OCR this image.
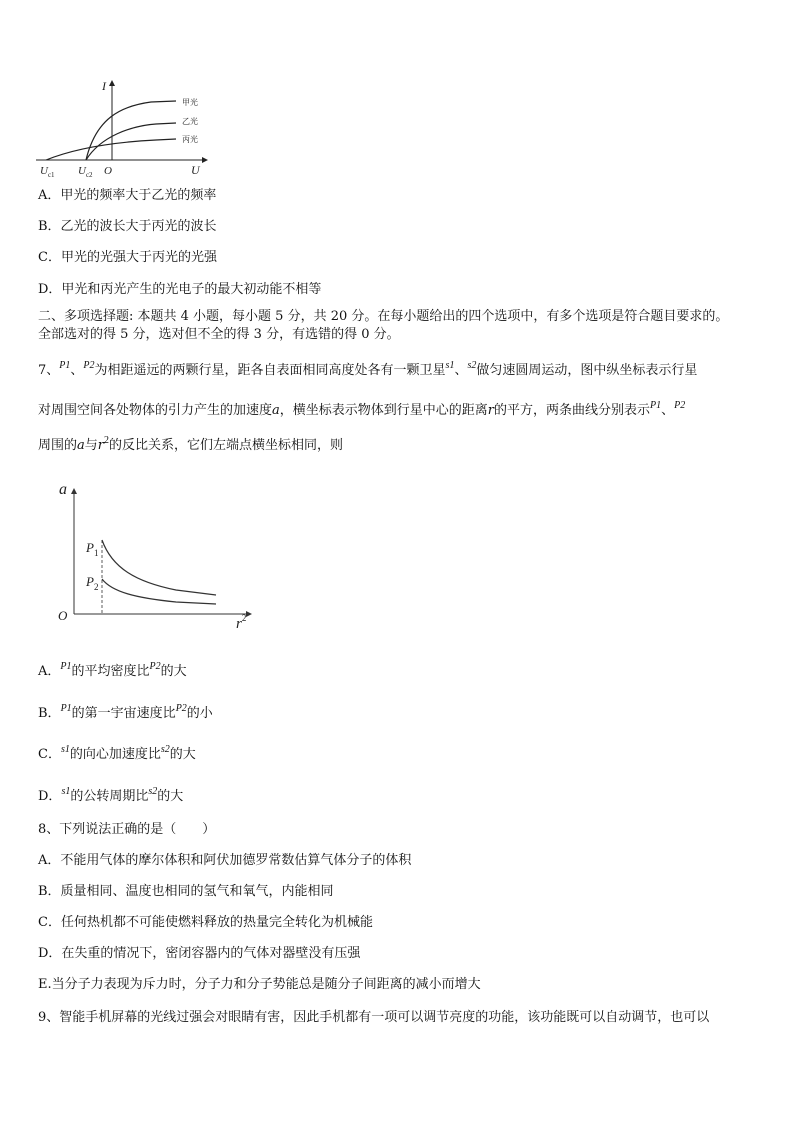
I
U
O
$U_{c1}$ $U_{c2}$
甲光
乙光
丙光
A．甲光的频率大于乙光的频率
B．乙光的波长大于丙光的波长
C．甲光的光强大于丙光的光强
D．甲光和丙光产生的光电子的最大初动能不相等
二、多项选择题: 本题共 4 小题，每小题 5 分，共 20 分。在每小题给出的四个选项中，有多个选项是符合题目要求的。
全部选对的得 5 分，选对但不全的得 3 分，有选错的得 0 分。
7、$^{P1}$、$^{P2}$为相距遥远的两颗行星，距各自表面相同高度处各有一颗卫星$^{s1}$、$^{s2}$做匀速圆周运动，图中纵坐标表示行星
对周围空间各处物体的引力产生的加速度a，横坐标表示物体到行星中心的距离r的平方，两条曲线分别表示$^{P1}$、$^{P2}$
周围的a与$r^2$的反比关系，它们左端点横坐标相同，则
a
$r^2$
O
$P_1$
$P_2$
A．$^{P1}$的平均密度比$^{P2}$的大
B．$^{P1}$的第一宇宙速度比$^{P2}$的小
C．$^{s1}$的向心加速度比$^{s2}$的大
D．$^{s1}$的公转周期比$^{s2}$的大
8、下列说法正确的是（　　）
A．不能用气体的摩尔体积和阿伏加德罗常数估算气体分子的体积
B．质量相同、温度也相同的氢气和氧气，内能相同
C．任何热机都不可能使燃料释放的热量完全转化为机械能
D．在失重的情况下，密闭容器内的气体对器壁没有压强
E.当分子力表现为斥力时，分子力和分子势能总是随分子间距离的减小而增大
9、智能手机屏幕的光线过强会对眼睛有害，因此手机都有一项可以调节亮度的功能，该功能既可以自动调节，也可以
